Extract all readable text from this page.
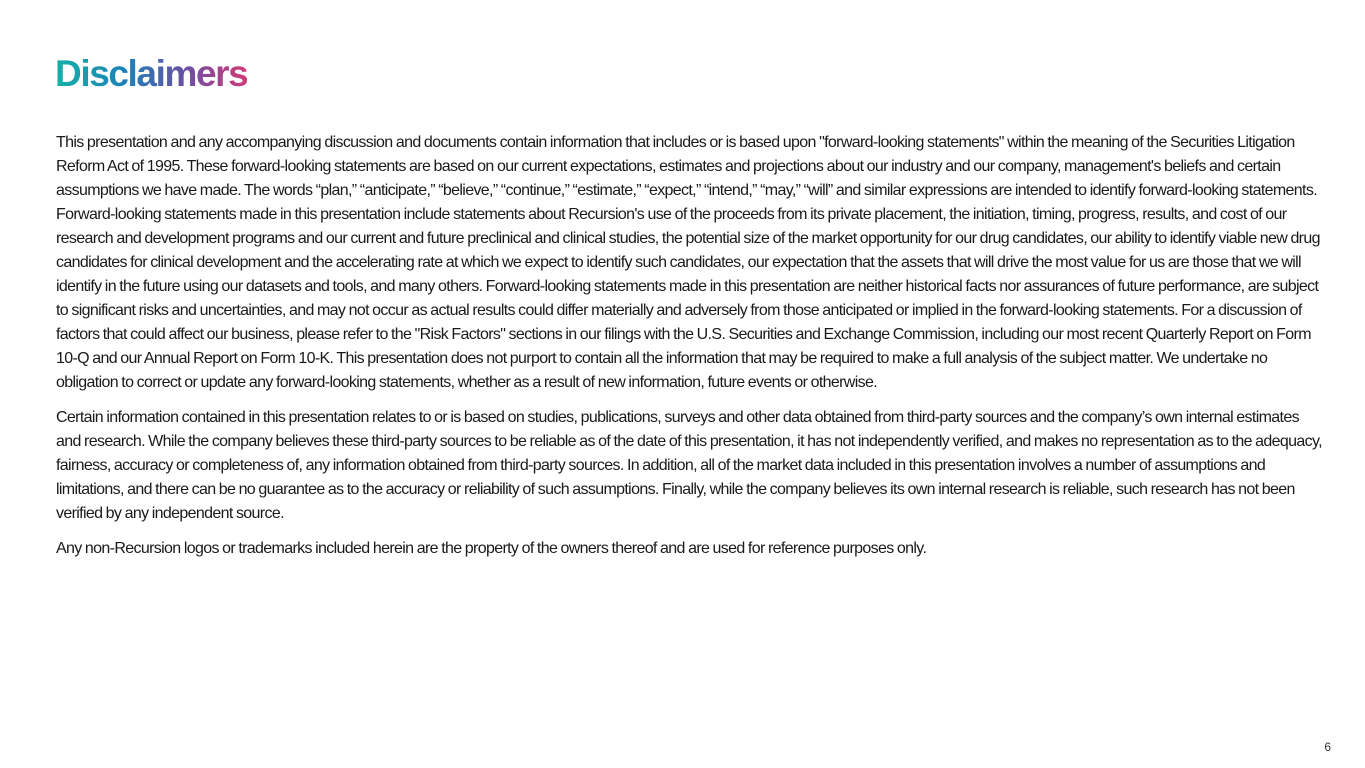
Disclaimers

This presentation and any accompanying discussion and documents contain information that includes or is based upon "forward-looking statements" within the meaning of the Securities Litigation Reform Act of 1995. These forward-looking statements are based on our current expectations, estimates and projections about our industry and our company, management's beliefs and certain assumptions we have made. The words “plan,” “anticipate,” “believe,” “continue,” “estimate,” “expect,” “intend,” “may,” “will” and similar expressions are intended to identify forward-looking statements. Forward-looking statements made in this presentation include statements about Recursion's use of the proceeds from its private placement, the initiation, timing, progress, results, and cost of our research and development programs and our current and future preclinical and clinical studies, the potential size of the market opportunity for our drug candidates, our ability to identify viable new drug candidates for clinical development and the accelerating rate at which we expect to identify such candidates, our expectation that the assets that will drive the most value for us are those that we will identify in the future using our datasets and tools, and many others. Forward-looking statements made in this presentation are neither historical facts nor assurances of future performance, are subject to significant risks and uncertainties, and may not occur as actual results could differ materially and adversely from those anticipated or implied in the forward-looking statements. For a discussion of factors that could affect our business, please refer to the "Risk Factors" sections in our filings with the U.S. Securities and Exchange Commission, including our most recent Quarterly Report on Form 10-Q and our Annual Report on Form 10-K. This presentation does not purport to contain all the information that may be required to make a full analysis of the subject matter. We undertake no obligation to correct or update any forward-looking statements, whether as a result of new information, future events or otherwise.

Certain information contained in this presentation relates to or is based on studies, publications, surveys and other data obtained from third-party sources and the company’s own internal estimates and research. While the company believes these third-party sources to be reliable as of the date of this presentation, it has not independently verified, and makes no representation as to the adequacy, fairness, accuracy or completeness of, any information obtained from third-party sources. In addition, all of the market data included in this presentation involves a number of assumptions and limitations, and there can be no guarantee as to the accuracy or reliability of such assumptions. Finally, while the company believes its own internal research is reliable, such research has not been verified by any independent source.

Any non-Recursion logos or trademarks included herein are the property of the owners thereof and are used for reference purposes only.

6
